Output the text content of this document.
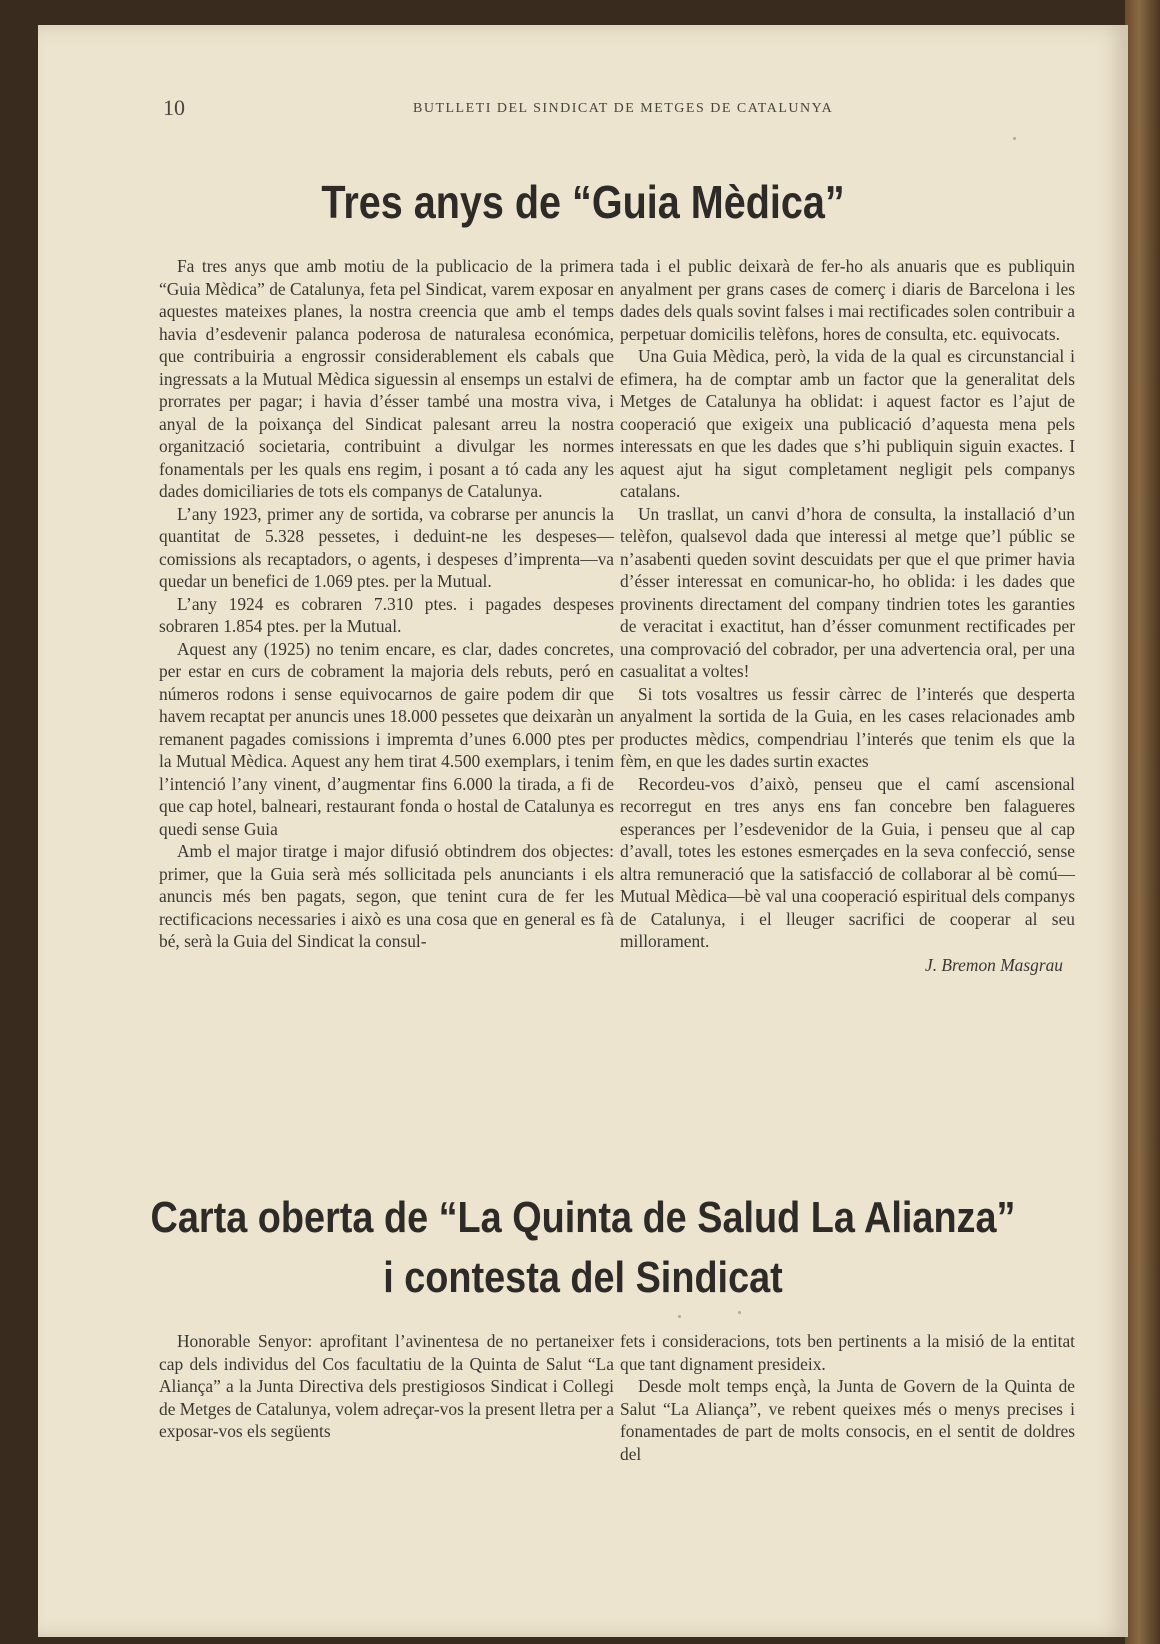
10	BUTLLETI DEL SINDICAT DE METGES DE CATALUNYA
Tres anys de “Guia Mèdica”

Fa tres anys que amb motiu de la publicacio de la primera “Guia Mèdica” de Catalunya, feta pel Sindicat, varem exposar en aquestes mateixes planes, la nostra creencia que amb el temps havia d’esdevenir palanca poderosa de naturalesa económica, que contribuiria a engrossir considerablement els cabals que ingressats a la Mutual Mèdica siguessin al ensemps un estalvi de prorrates per pagar; i havia d’ésser també una mostra viva, i anyal de la poixança del Sindicat palesant arreu la nostra organització societaria, contribuint a divulgar les normes fonamentals per les quals ens regim, i posant a tó cada any les dades domiciliaries de tots els companys de Catalunya.

L’any 1923, primer any de sortida, va cobrarse per anuncis la quantitat de 5.328 pessetes, i deduint-ne les despeses—comissions als recaptadors, o agents, i despeses d’imprenta—va quedar un benefici de 1.069 ptes. per la Mutual.

L’any 1924 es cobraren 7.310 ptes. i pagades despeses sobraren 1.854 ptes. per la Mutual.

Aquest any (1925) no tenim encare, es clar, dades concretes, per estar en curs de cobrament la majoria dels rebuts, peró en números rodons i sense equivocarnos de gaire podem dir que havem recaptat per anuncis unes 18.000 pessetes que deixaràn un remanent pagades comissions i impremta d’unes 6.000 ptes per la Mutual Mèdica. Aquest any hem tirat 4.500 exemplars, i tenim l’intenció l’any vinent, d’augmentar fins 6.000 la tirada, a fi de que cap hotel, balneari, restaurant fonda o hostal de Catalunya es quedi sense Guia

Amb el major tiratge i major difusió obtindrem dos objectes: primer, que la Guia serà més sollicitada pels anunciants i els anuncis més ben pagats, segon, que tenint cura de fer les rectificacions necessaries i això es una cosa que en general es fà bé, serà la Guia del Sindicat la consul-

tada i el public deixarà de fer-ho als anuaris que es publiquin anyalment per grans cases de comerç i diaris de Barcelona i les dades dels quals sovint falses i mai rectificades solen contribuir a perpetuar domicilis telèfons, hores de consulta, etc. equivocats.

Una Guia Mèdica, però, la vida de la qual es circunstancial i efimera, ha de comptar amb un factor que la generalitat dels Metges de Catalunya ha oblidat: i aquest factor es l’ajut de cooperació que exigeix una publicació d’aquesta mena pels interessats en que les dades que s’hi publiquin siguin exactes. I aquest ajut ha sigut completament negligit pels companys catalans.

Un trasllat, un canvi d’hora de consulta, la installació d’un telèfon, qualsevol dada que interessi al metge que’l públic se n’asabenti queden sovint descuidats per que el que primer havia d’ésser interessat en comunicar-ho, ho oblida: i les dades que provinents directament del company tindrien totes les garanties de veracitat i exactitut, han d’ésser comunment rectificades per una comprovació del cobrador, per una advertencia oral, per una casualitat a voltes!

Si tots vosaltres us fessir càrrec de l’interés que desperta anyalment la sortida de la Guia, en les cases relacionades amb productes mèdics, compendriau l’interés que tenim els que la fèm, en que les dades surtin exactes

Recordeu-vos d’això, penseu que el camí ascensional recorregut en tres anys ens fan concebre ben falagueres esperances per l’esdevenidor de la Guia, i penseu que al cap d’avall, totes les estones esmerçades en la seva confecció, sense altra remuneració que la satisfacció de collaborar al bè comú—Mutual Mèdica—bè val una cooperació espiritual dels companys de Catalunya, i el lleuger sacrifici de cooperar al seu millorament.

J. Bremon Masgrau
Carta oberta de “La Quinta de Salud La Alianza”
i contesta del Sindicat

Honorable Senyor: aprofitant l’avinentesa de no pertaneixer cap dels individus del Cos facultatiu de la Quinta de Salut “La Aliança” a la Junta Directiva dels prestigiosos Sindicat i Collegi de Metges de Catalunya, volem adreçar-vos la present lletra per a exposar-vos els següents

fets i consideracions, tots ben pertinents a la misió de la entitat que tant dignament presideix.

Desde molt temps ençà, la Junta de Govern de la Quinta de Salut “La Aliança”, ve rebent queixes més o menys precises i fonamentades de part de molts consocis, en el sentit de doldres del
